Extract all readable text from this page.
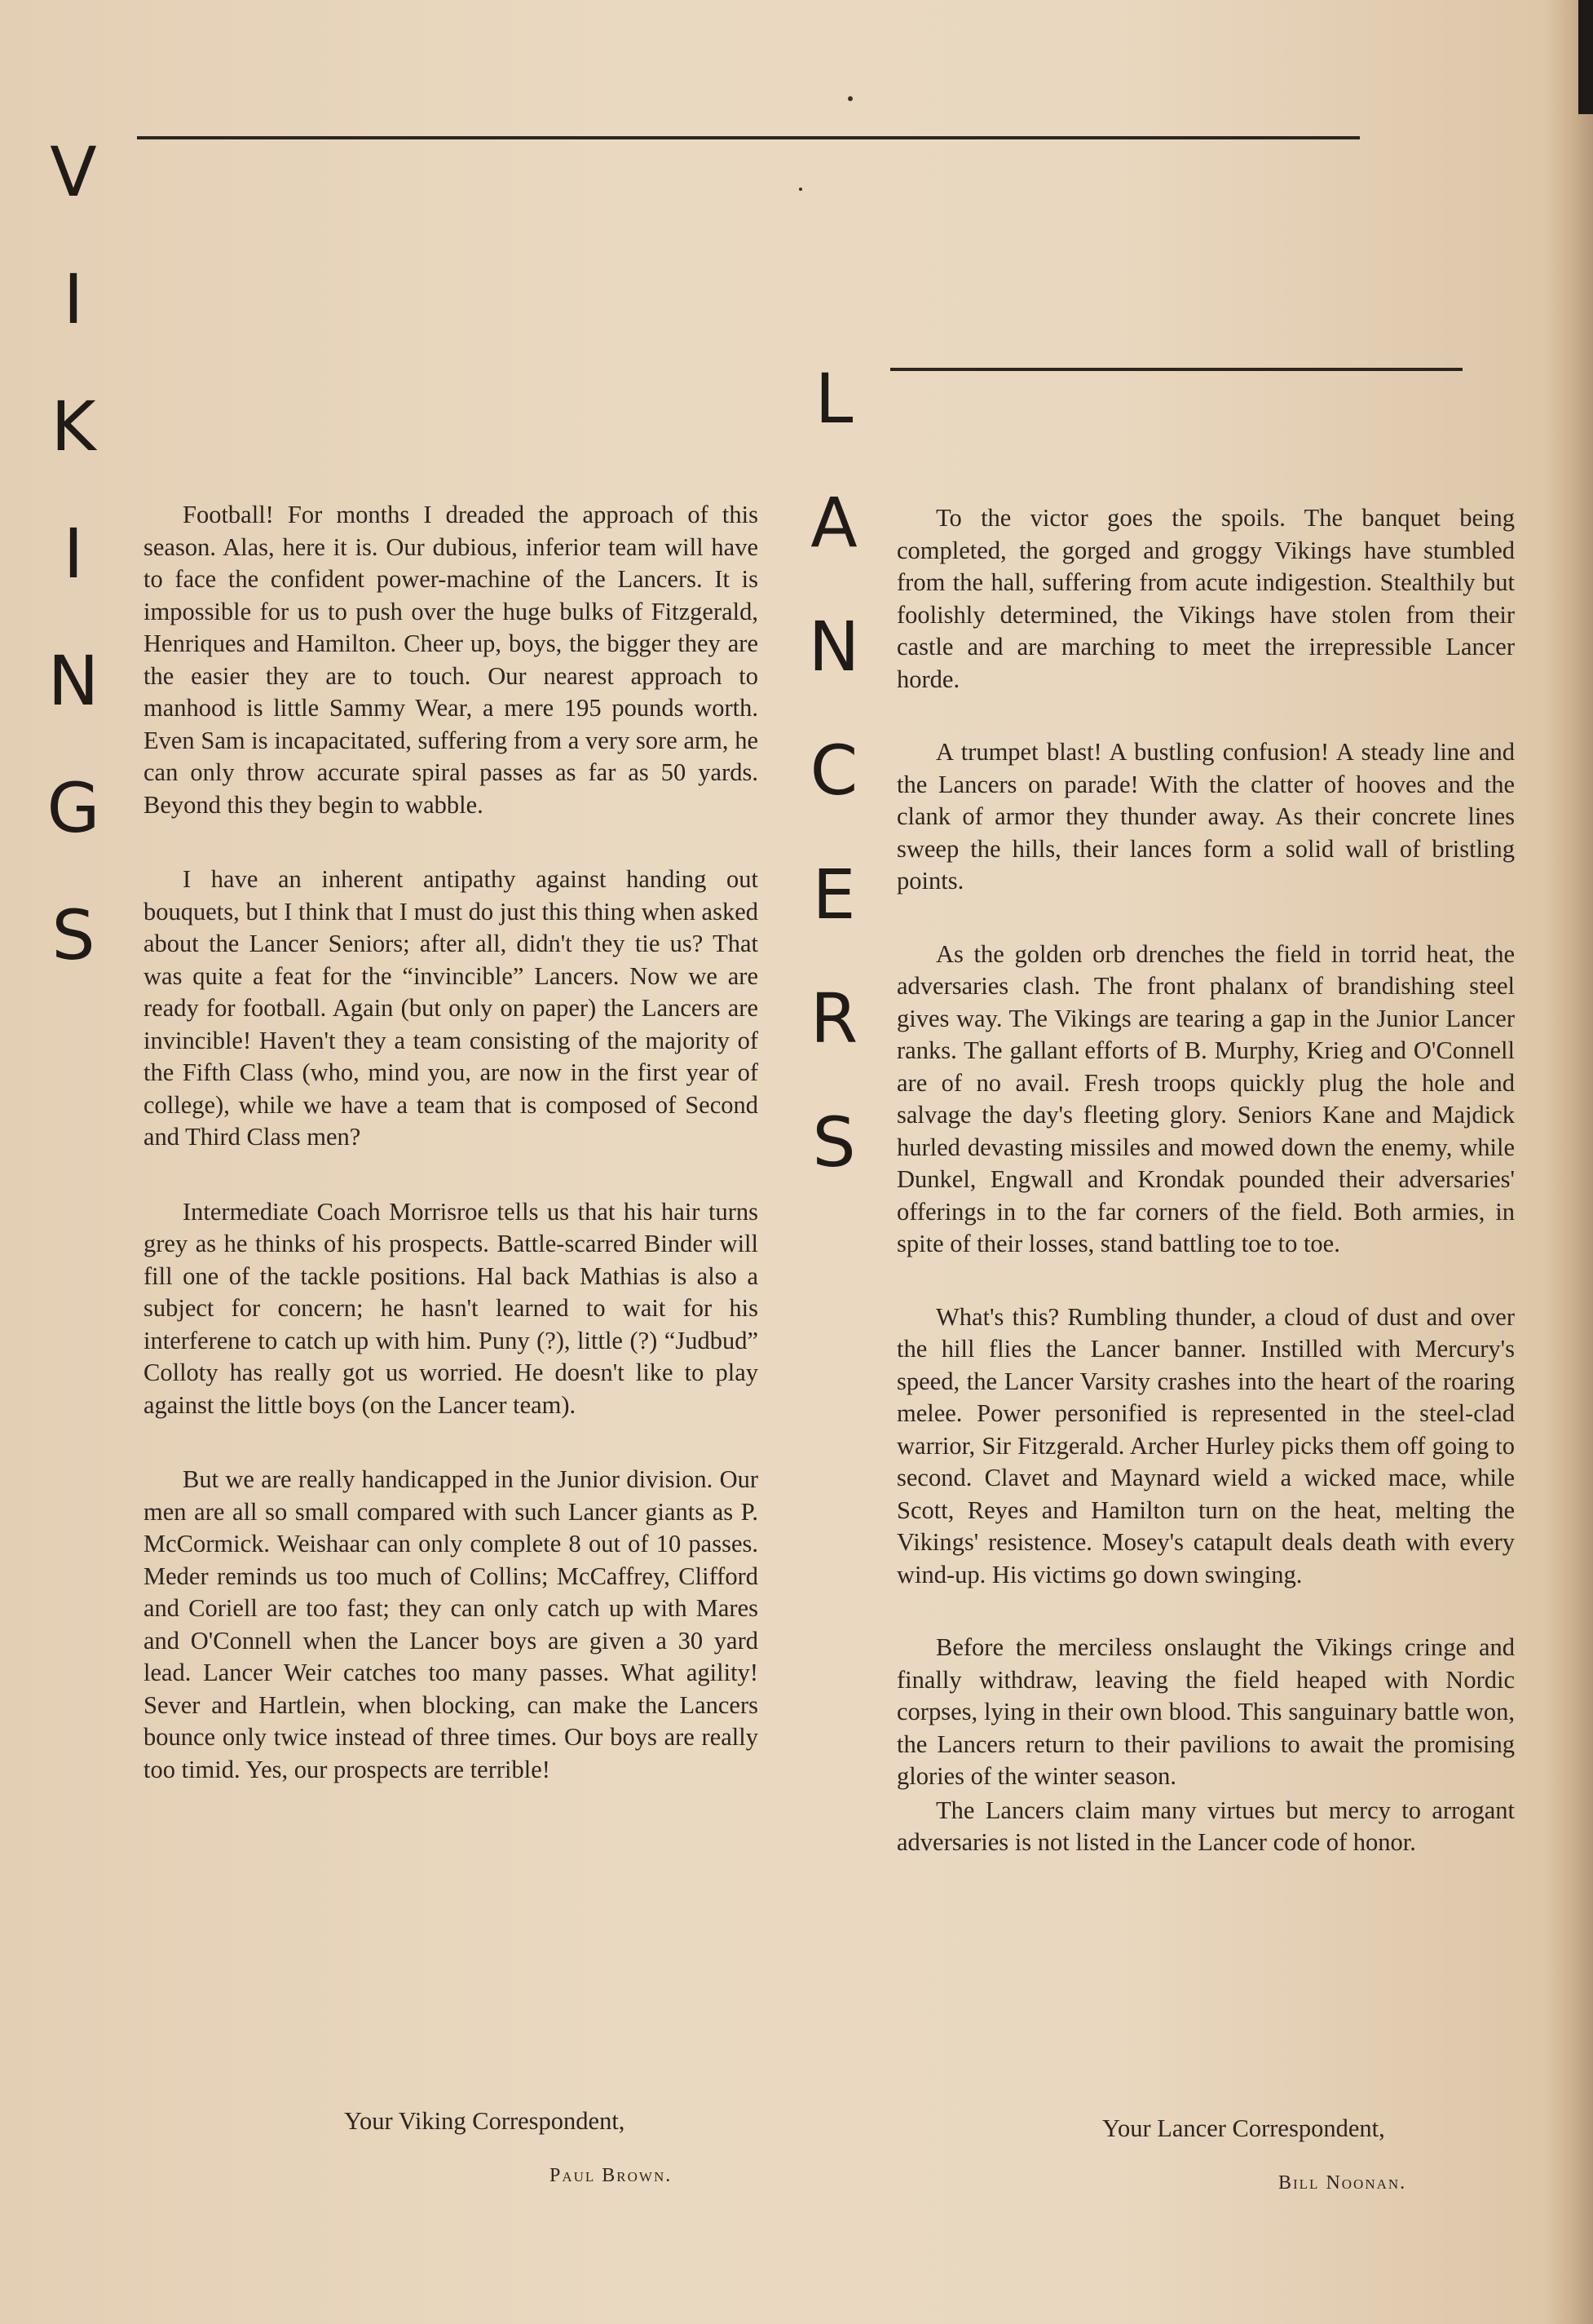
V
I
K
I
N
G
S
L
A
N
C
E
R
S

Football! For months I dreaded the approach of this season. Alas, here it is. Our dubious, inferior team will have to face the confident power-machine of the Lancers. It is impossible for us to push over the huge bulks of Fitzgerald, Henriques and Hamilton. Cheer up, boys, the bigger they are the easier they are to touch. Our nearest approach to manhood is little Sammy Wear, a mere 195 pounds worth. Even Sam is incapacitated, suffering from a very sore arm, he can only throw accurate spiral passes as far as 50 yards. Beyond this they begin to wabble.

I have an inherent antipathy against handing out bouquets, but I think that I must do just this thing when asked about the Lancer Seniors; after all, didn't they tie us? That was quite a feat for the “invincible” Lancers. Now we are ready for football. Again (but only on paper) the Lancers are invincible! Haven't they a team consisting of the majority of the Fifth Class (who, mind you, are now in the first year of college), while we have a team that is composed of Second and Third Class men?

Intermediate Coach Morrisroe tells us that his hair turns grey as he thinks of his prospects. Battle-scarred Binder will fill one of the tackle positions. Hal back Mathias is also a subject for concern; he hasn't learned to wait for his interferene to catch up with him. Puny (?), little (?) “Judbud” Colloty has really got us worried. He doesn't like to play against the little boys (on the Lancer team).

But we are really handicapped in the Junior division. Our men are all so small compared with such Lancer giants as P. McCormick. Weishaar can only complete 8 out of 10 passes. Meder reminds us too much of Collins; McCaffrey, Clifford and Coriell are too fast; they can only catch up with Mares and O'Connell when the Lancer boys are given a 30 yard lead. Lancer Weir catches too many passes. What agility! Sever and Hartlein, when blocking, can make the Lancers bounce only twice instead of three times. Our boys are really too timid. Yes, our prospects are terrible!

Your Viking Correspondent,
Paul Brown.

To the victor goes the spoils. The banquet being completed, the gorged and groggy Vikings have stumbled from the hall, suffering from acute indigestion. Stealthily but foolishly determined, the Vikings have stolen from their castle and are marching to meet the irrepressible Lancer horde.

A trumpet blast! A bustling confusion! A steady line and the Lancers on parade! With the clatter of hooves and the clank of armor they thunder away. As their concrete lines sweep the hills, their lances form a solid wall of bristling points.

As the golden orb drenches the field in torrid heat, the adversaries clash. The front phalanx of brandishing steel gives way. The Vikings are tearing a gap in the Junior Lancer ranks. The gallant efforts of B. Murphy, Krieg and O'Connell are of no avail. Fresh troops quickly plug the hole and salvage the day's fleeting glory. Seniors Kane and Majdick hurled devasting missiles and mowed down the enemy, while Dunkel, Engwall and Krondak pounded their adversaries' offerings in to the far corners of the field. Both armies, in spite of their losses, stand battling toe to toe.

What's this? Rumbling thunder, a cloud of dust and over the hill flies the Lancer banner. Instilled with Mercury's speed, the Lancer Varsity crashes into the heart of the roaring melee. Power personified is represented in the steel-clad warrior, Sir Fitzgerald. Archer Hurley picks them off going to second. Clavet and Maynard wield a wicked mace, while Scott, Reyes and Hamilton turn on the heat, melting the Vikings' resistence. Mosey's catapult deals death with every wind-up. His victims go down swinging.

Before the merciless onslaught the Vikings cringe and finally withdraw, leaving the field heaped with Nordic corpses, lying in their own blood. This sanguinary battle won, the Lancers return to their pavilions to await the promising glories of the winter season.

The Lancers claim many virtues but mercy to arrogant adversaries is not listed in the Lancer code of honor.

Your Lancer Correspondent,
Bill Noonan.
